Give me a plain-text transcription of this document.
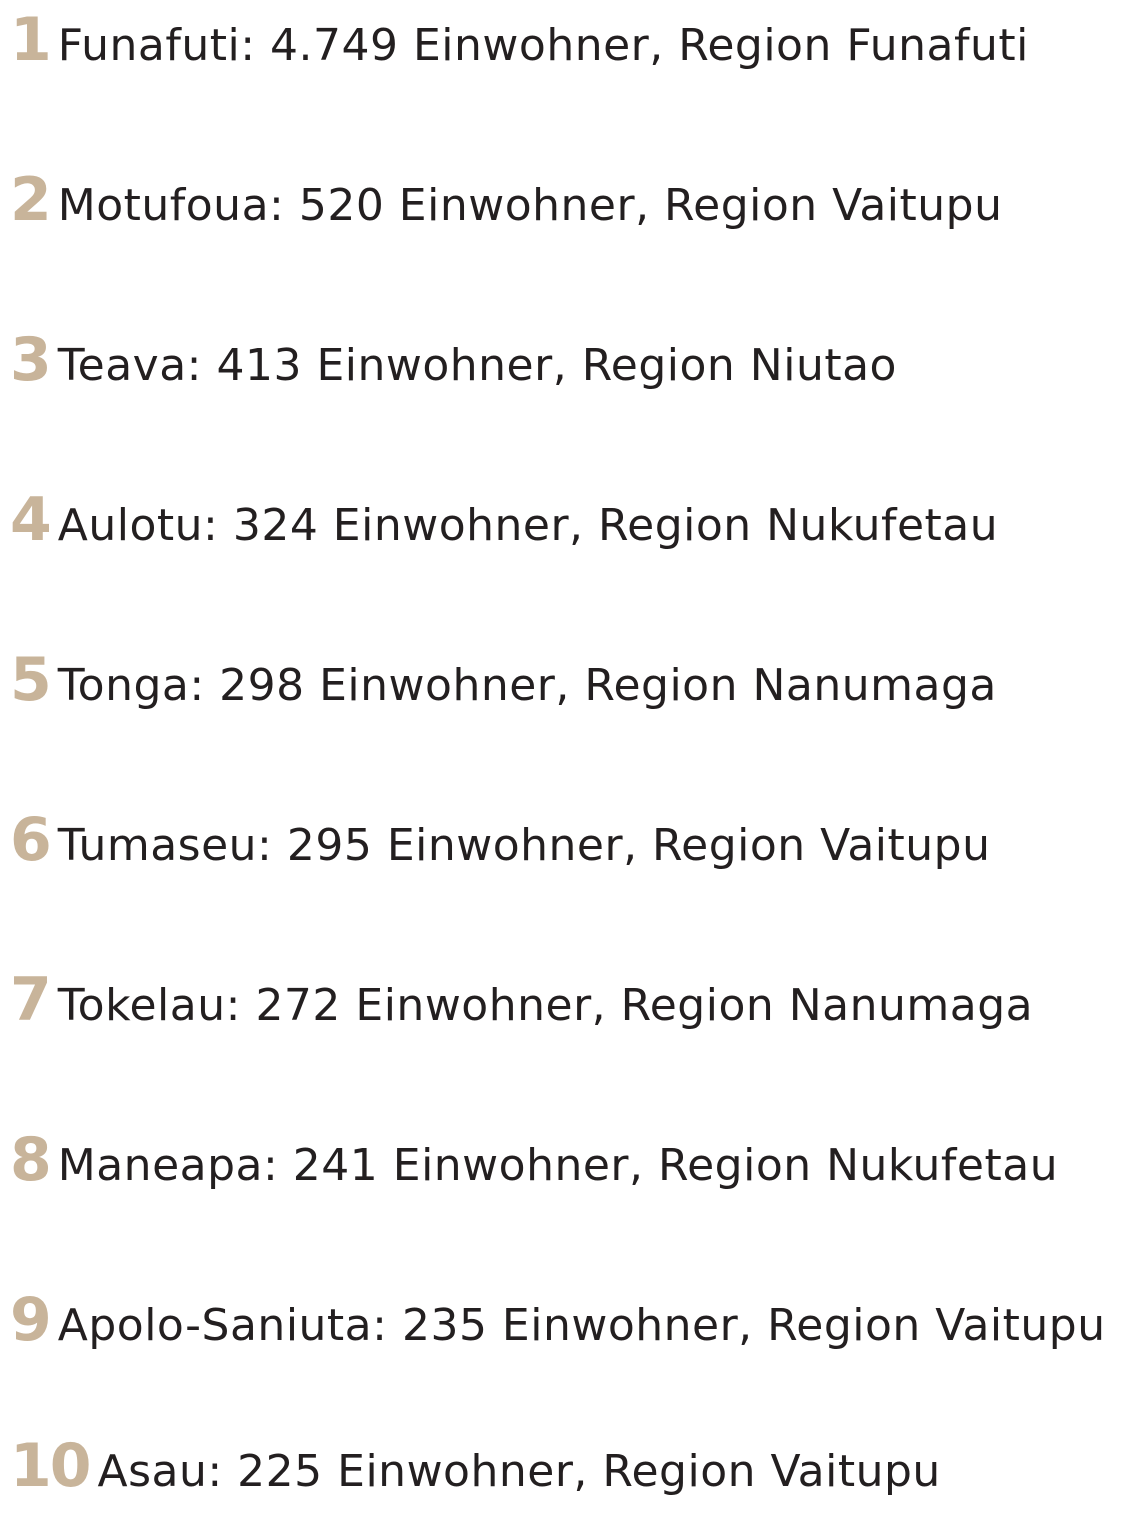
1 Funafuti: 4.749 Einwohner, Region Funafuti
2 Motufoua: 520 Einwohner, Region Vaitupu
3 Teava: 413 Einwohner, Region Niutao
4 Aulotu: 324 Einwohner, Region Nukufetau
5 Tonga: 298 Einwohner, Region Nanumaga
6 Tumaseu: 295 Einwohner, Region Vaitupu
7 Tokelau: 272 Einwohner, Region Nanumaga
8 Maneapa: 241 Einwohner, Region Nukufetau
9 Apolo-Saniuta: 235 Einwohner, Region Vaitupu
10 Asau: 225 Einwohner, Region Vaitupu
